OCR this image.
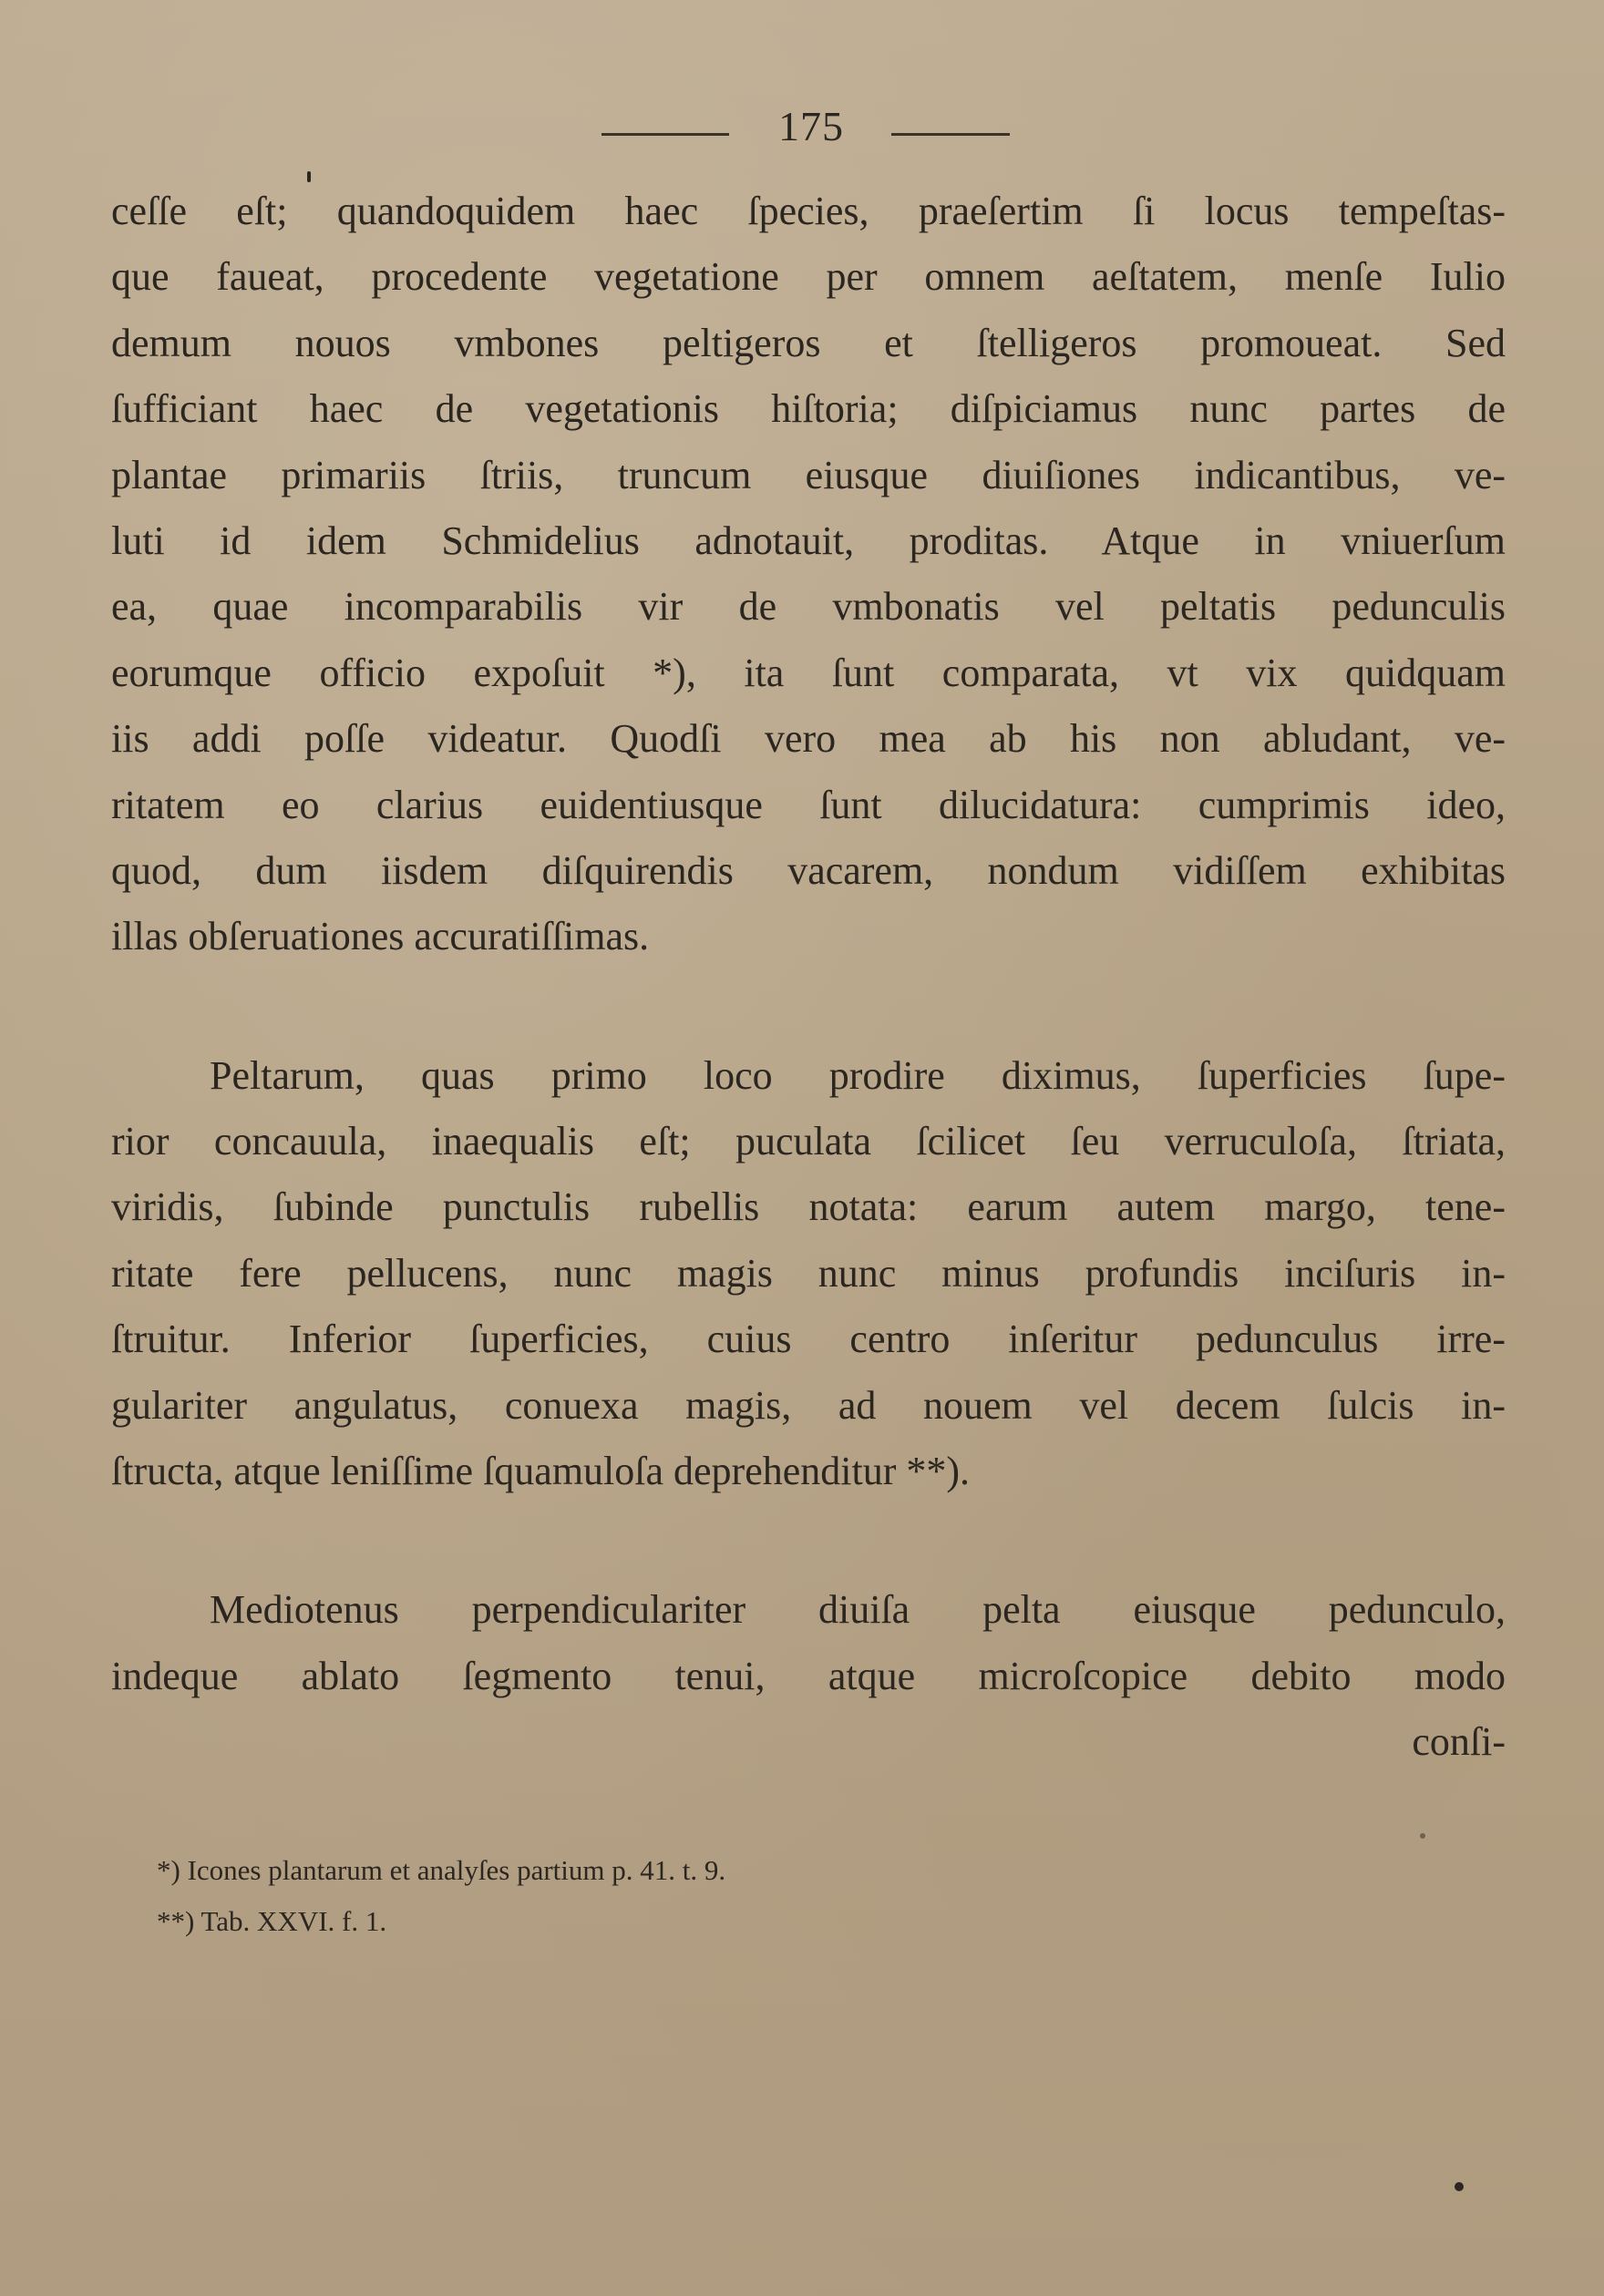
175
ceſſe eſt; quandoquidem haec ſpecies, praeſertim ſi locus tempeſtas-
que faueat, procedente vegetatione per omnem aeſtatem, menſe Iulio
demum nouos vmbones peltigeros et ſtelligeros promoueat. Sed
ſufficiant haec de vegetationis hiſtoria; diſpiciamus nunc partes de
plantae primariis ſtriis, truncum eiusque diuiſiones indicantibus, ve-
luti id idem Schmidelius adnotauit, proditas. Atque in vniuerſum
ea, quae incomparabilis vir de vmbonatis vel peltatis pedunculis
eorumque officio expoſuit *), ita ſunt comparata, vt vix quidquam
iis addi poſſe videatur. Quodſi vero mea ab his non abludant, ve-
ritatem eo clarius euidentiusque ſunt dilucidatura: cumprimis ideo,
quod, dum iisdem diſquirendis vacarem, nondum vidiſſem exhibitas
illas obſeruationes accuratiſſimas.
Peltarum, quas primo loco prodire diximus, ſuperficies ſupe-
rior concauula, inaequalis eſt; puculata ſcilicet ſeu verruculoſa, ſtriata,
viridis, ſubinde punctulis rubellis notata: earum autem margo, tene-
ritate fere pellucens, nunc magis nunc minus profundis inciſuris in-
ſtruitur. Inferior ſuperficies, cuius centro inſeritur pedunculus irre-
gulariter angulatus, conuexa magis, ad nouem vel decem ſulcis in-
ſtructa, atque leniſſime ſquamuloſa deprehenditur **).
Mediotenus perpendiculariter diuiſa pelta eiusque pedunculo,
indeque ablato ſegmento tenui, atque microſcopice debito modo
conſi-
*) Icones plantarum et analyſes partium p. 41. t. 9.
**) Tab. XXVI. f. 1.
